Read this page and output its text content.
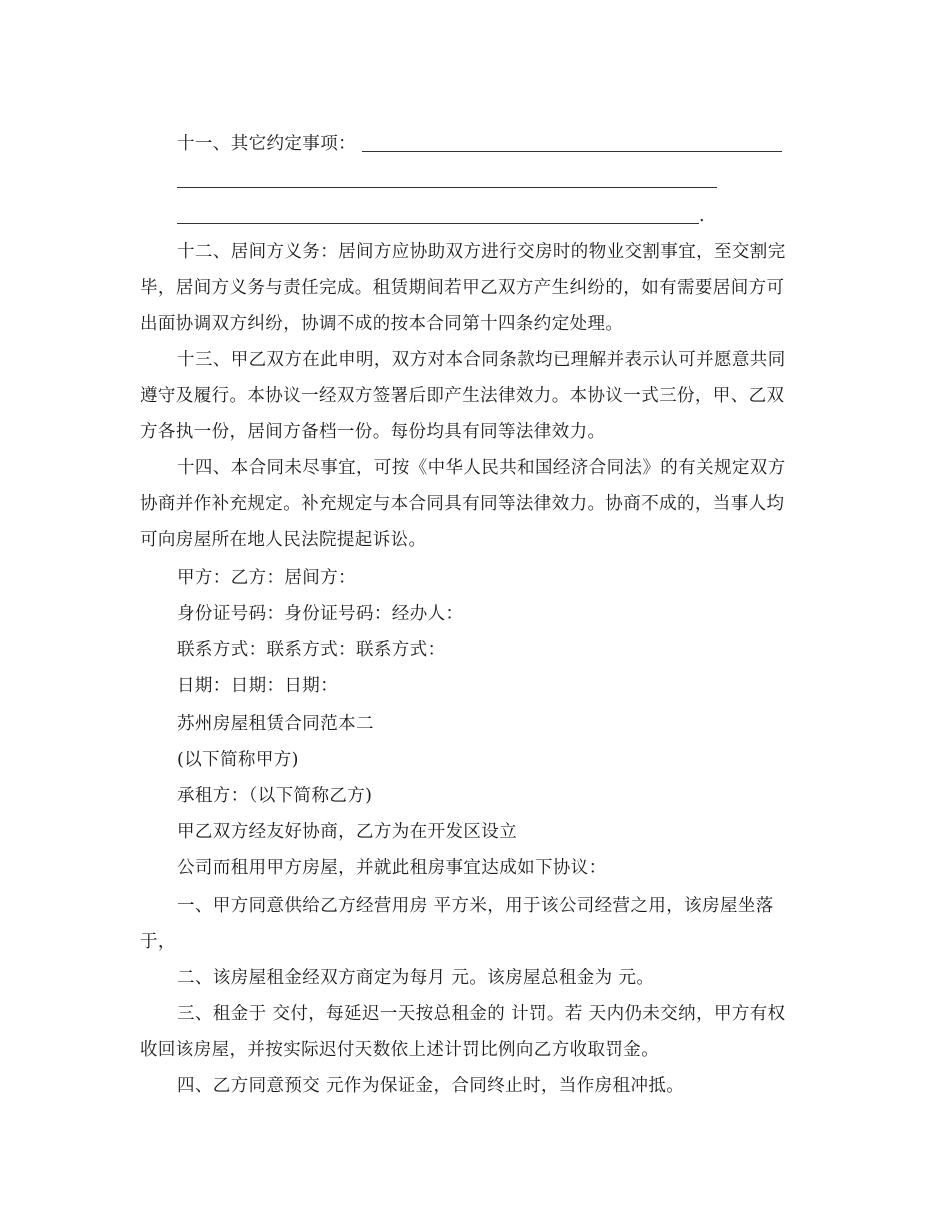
十一、其它约定事项：
.
十二、居间方义务：居间方应协助双方进行交房时的物业交割事宜，至交割完
毕，居间方义务与责任完成。租赁期间若甲乙双方产生纠纷的，如有需要居间方可
出面协调双方纠纷，协调不成的按本合同第十四条约定处理。
十三、甲乙双方在此申明，双方对本合同条款均已理解并表示认可并愿意共同
遵守及履行。本协议一经双方签署后即产生法律效力。本协议一式三份，甲、乙双
方各执一份，居间方备档一份。每份均具有同等法律效力。
十四、本合同未尽事宜，可按《中华人民共和国经济合同法》的有关规定双方
协商并作补充规定。补充规定与本合同具有同等法律效力。协商不成的，当事人均
可向房屋所在地人民法院提起诉讼。
甲方：乙方：居间方：
身份证号码：身份证号码：经办人：
联系方式：联系方式：联系方式：
日期：日期：日期：
苏州房屋租赁合同范本二
(以下简称甲方)
承租方：（以下简称乙方)
甲乙双方经友好协商，乙方为在开发区设立
公司而租用甲方房屋，并就此租房事宜达成如下协议：
一、甲方同意供给乙方经营用房 平方米，用于该公司经营之用，该房屋坐落
于，
二、该房屋租金经双方商定为每月 元。该房屋总租金为 元。
三、租金于 交付，每延迟一天按总租金的 计罚。若 天内仍未交纳，甲方有权
收回该房屋，并按实际迟付天数依上述计罚比例向乙方收取罚金。
四、乙方同意预交 元作为保证金，合同终止时，当作房租冲抵。
